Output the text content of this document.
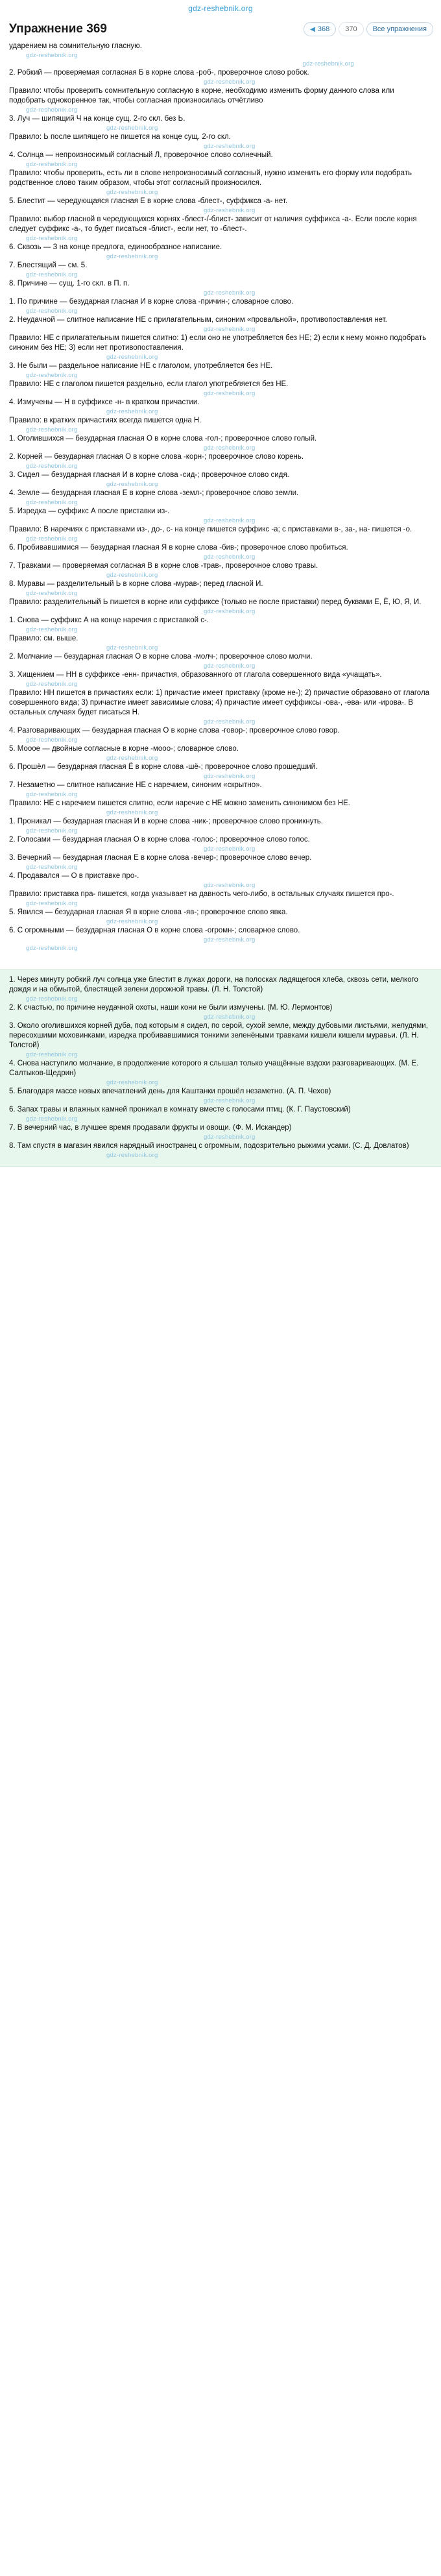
gdz-reshebnik.org
Упражнение 369	◀ 368 370 Все упражнения

ударением на сомнительную гласную.

gdz-reshebnik.org
gdz-reshebnik.org

2. Робкий — проверяемая согласная Б в корне слова -роб-, проверочное слово робок.

gdz-reshebnik.org

Правило: чтобы проверить сомнительную согласную в корне, необходимо изменить форму данного слова или подобрать однокоренное так, чтобы согласная произносилась отчётливо

gdz-reshebnik.org

3. Луч — шипящий Ч на конце сущ. 2-го скл. без Ь.

gdz-reshebnik.org

Правило: Ь после шипящего не пишется на конце сущ. 2-го скл.

gdz-reshebnik.org

4. Солнца — непроизносимый согласный Л, проверочное слово солнечный.

gdz-reshebnik.org

Правило: чтобы проверить, есть ли в слове непроизносимый согласный, нужно изменить его форму или подобрать родственное слово таким образом, чтобы этот согласный произносился.

gdz-reshebnik.org

5. Блестит — чередующаяся гласная Е в корне слова -блест-, суффикса -а- нет.

gdz-reshebnik.org

Правило: выбор гласной в чередующихся корнях -блест-/-блист- зависит от наличия суффикса -а-. Если после корня следует суффикс -а-, то будет писаться -блист-, если нет, то -блест-.

gdz-reshebnik.org

6. Сквозь — З на конце предлога, единообразное написание.

gdz-reshebnik.org

7. Блестящий — см. 5.

gdz-reshebnik.org

8. Причине — сущ. 1-го скл. в П. п.

gdz-reshebnik.org

1. По причине — безударная гласная И в корне слова -причин-; словарное слово.

gdz-reshebnik.org

2. Неудачной — слитное написание НЕ с прилагательным, синоним «провальной», противопоставления нет.

gdz-reshebnik.org

Правило: НЕ с прилагательным пишется слитно: 1) если оно не употребляется без НЕ; 2) если к нему можно подобрать синоним без НЕ; 3) если нет противопоставления.

gdz-reshebnik.org

3. Не были — раздельное написание НЕ с глаголом, употребляется без НЕ.

gdz-reshebnik.org

Правило: НЕ с глаголом пишется раздельно, если глагол употребляется без НЕ.

gdz-reshebnik.org

4. Измучены — Н в суффиксе -н- в кратком причастии.

gdz-reshebnik.org

Правило: в кратких причастиях всегда пишется одна Н.

gdz-reshebnik.org

1. Оголившихся — безударная гласная О в корне слова -гол-; проверочное слово голый.

gdz-reshebnik.org

2. Корней — безударная гласная О в корне слова -корн-; проверочное слово корень.

gdz-reshebnik.org

3. Сидел — безударная гласная И в корне слова -сид-; проверочное слово сидя.

gdz-reshebnik.org

4. Земле — безударная гласная Е в корне слова -земл-; проверочное слово земли.

gdz-reshebnik.org

5. Изредка — суффикс А после приставки из-.

gdz-reshebnik.org

Правило: В наречиях с приставками из-, до-, с- на конце пишется суффикс -а; с приставками в-, за-, на- пишется -о.

gdz-reshebnik.org

6. Пробивавшимися — безударная гласная Я в корне слова -бив-; проверочное слово пробиться.

gdz-reshebnik.org

7. Травками — проверяемая согласная В в корне слов -трав-, проверочное слово травы.

gdz-reshebnik.org

8. Муравы — разделительный Ь в корне слова -мурав-; перед гласной И.

gdz-reshebnik.org

Правило: разделительный Ь пишется в корне или суффиксе (только не после приставки) перед буквами Е, Ё, Ю, Я, И.

gdz-reshebnik.org

1. Снова — суффикс А на конце наречия с приставкой с-.

gdz-reshebnik.org

Правило: см. выше.

gdz-reshebnik.org

2. Молчание — безударная гласная О в корне слова -молч-; проверочное слово молчи.

gdz-reshebnik.org

3. Хищением — НН в суффиксе -енн- причастия, образованного от глагола совершенного вида «учащать».

gdz-reshebnik.org

Правило: НН пишется в причастиях если: 1) причастие имеет приставку (кроме не-); 2) причастие образовано от глагола совершенного вида; 3) причастие имеет зависимые слова; 4) причастие имеет суффиксы -ова-, -ева- или -ирова-. В остальных случаях будет писаться Н.

gdz-reshebnik.org

4. Разговаривающих — безударная гласная О в корне слова -говор-; проверочное слово говор.

gdz-reshebnik.org

5. Моооe — двойные согласные в корне -мооо-; словарное слово.

gdz-reshebnik.org

6. Прошёл — безударная гласная Ё в корне слова -шё-; проверочное слово прошедший.

gdz-reshebnik.org

7. Незаметно — слитное написание НЕ с наречием, синоним «скрытно».

gdz-reshebnik.org

Правило: НЕ с наречием пишется слитно, если наречие с НЕ можно заменить синонимом без НЕ.

gdz-reshebnik.org

1. Проникал — безударная гласная И в корне слова -ник-; проверочное слово проникнуть.

gdz-reshebnik.org

2. Голосами — безударная гласная О в корне слова -голос-; проверочное слово голос.

gdz-reshebnik.org

3. Вечерний — безударная гласная Е в корне слова -вечер-; проверочное слово вечер.

gdz-reshebnik.org

4. Продавался — О в приставке про-.

gdz-reshebnik.org

Правило: приставка пра- пишется, когда указывает на давность чего-либо, в остальных случаях пишется про-.

gdz-reshebnik.org

5. Явился — безударная гласная Я в корне слова -яв-; проверочное слово явка.

gdz-reshebnik.org

6. С огромными — безударная гласная О в корне слова -огромн-; словарное слово.

gdz-reshebnik.org

gdz-reshebnik.org

1. Через минуту робкий луч солнца уже блестит в лужах дороги, на полосках ладящегося хлеба, сквозь сети, мелкого дождя и на обмытой, блестящей зелени дорожной травы. (Л. Н. Толстой)

gdz-reshebnik.org

2. К счастью, по причине неудачной охоты, наши кони не были измучены. (М. Ю. Лермонтов)

gdz-reshebnik.org

3. Около оголившихся корней дуба, под которым я сидел, по серой, сухой земле, между дубовыми листьями, желудями, пересохшими моховинками, изредка пробивавшимися тонкими зеленёными травками кишели кишели муравьи. (Л. Н. Толстой)

gdz-reshebnik.org

4. Снова наступило молчание, в продолжение которого я слышал только учащённые вздохи разговаривающих. (М. Е. Салтыков-Щедрин)

gdz-reshebnik.org

5. Благодаря массе новых впечатлений день для Каштанки прошёл незаметно. (А. П. Чехов)

gdz-reshebnik.org

6. Запах травы и влажных камней проникал в комнату вместе с голосами птиц. (К. Г. Паустовский)

gdz-reshebnik.org

7. В вечерний час, в лучшее время продавали фрукты и овощи. (Ф. М. Искандер)

gdz-reshebnik.org

8. Там спустя в магазин явился нарядный иностранец с огромным, подозрительно рыжими усами. (С. Д. Довлатов)

gdz-reshebnik.org
